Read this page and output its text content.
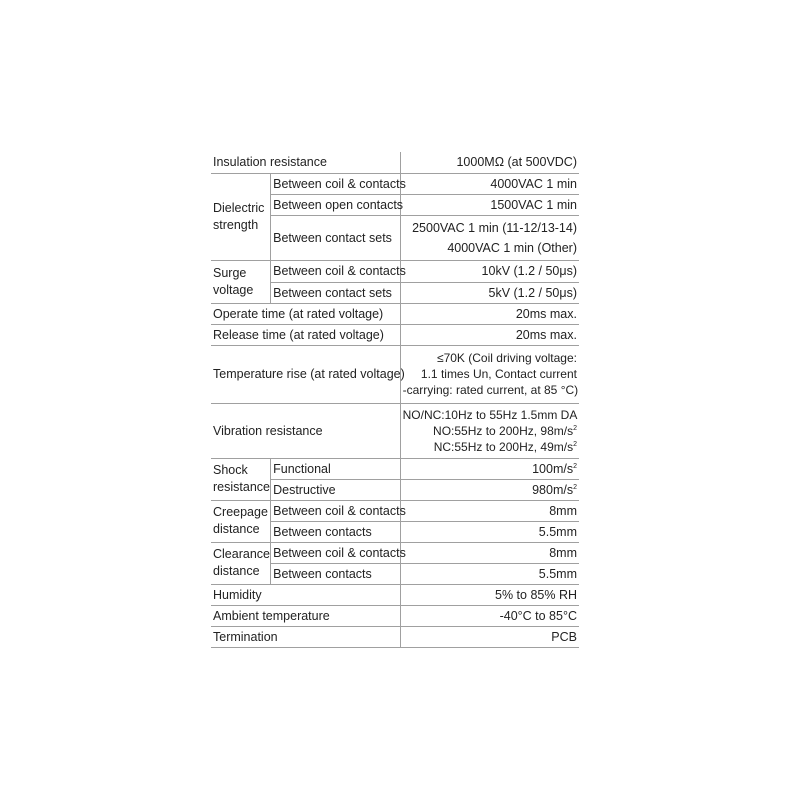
Insulation resistance		1000MΩ (at 500VDC)

Dielectric
strength	Between coil & contacts	4000VAC 1 min
	Between open contacts	1500VAC 1 min
	Between contact sets	2500VAC 1 min (11-12/13-14)
4000VAC 1 min (Other)

Surge
voltage	Between coil & contacts	10kV (1.2 / 50μs)
	Between contact sets	5kV (1.2 / 50μs)
Operate time (at rated voltage)		20ms max.
Release time (at rated voltage)		20ms max.
Temperature rise (at rated voltage)		≤70K (Coil driving voltage:
1.1 times Un, Contact current
-carrying: rated current, at 85 °C)

Vibration resistance		NO/NC:10Hz to 55Hz 1.5mm DA
NO:55Hz to 200Hz, $98m/s^2$
NC:55Hz to 200Hz, $49m/s^2$

Shock
resistance	Functional	$100m/s^2$
	Destructive	$980m/s^2$

Creepage
distance	Between coil & contacts	8mm
	Between contacts	5.5mm

Clearance
distance	Between coil & contacts	8mm
	Between contacts	5.5mm
Humidity		5% to 85% RH
Ambient temperature		-40°C to 85°C
Termination		PCB
